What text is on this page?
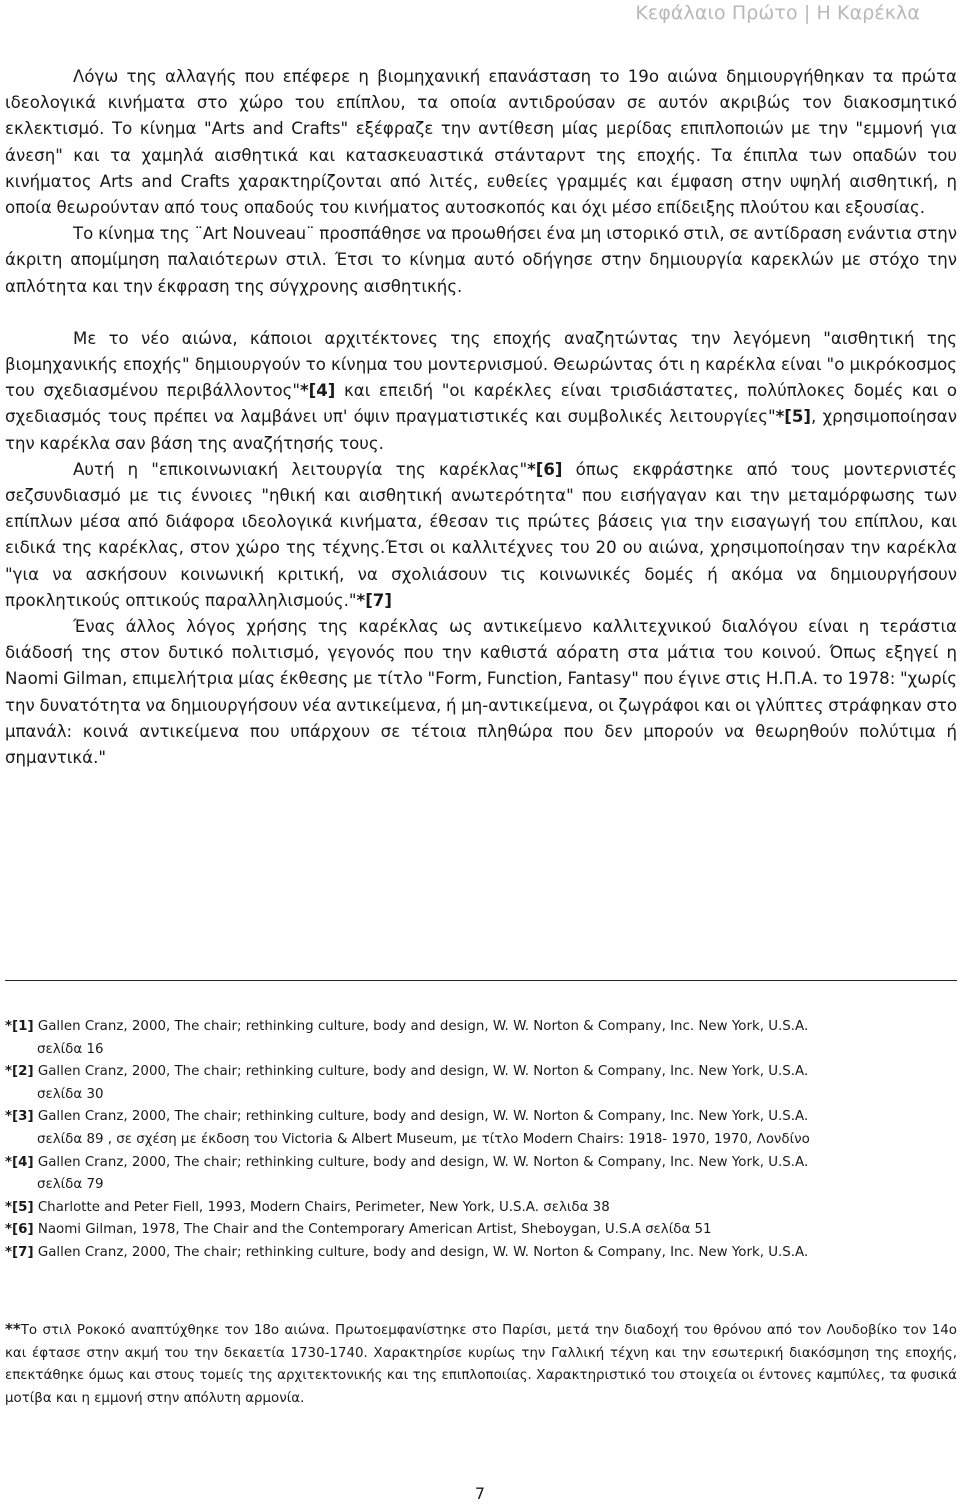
Κεφάλαιο Πρώτο | Η Καρέκλα

Λόγω της αλλαγής που επέφερε η βιομηχανική επανάσταση το 19ο αιώνα δημιουργήθηκαν τα πρώτα ιδεολογικά κινήματα στο χώρο του επίπλου, τα οποία αντιδρούσαν σε αυτόν ακριβώς τον διακοσμητικό εκλεκτισμό. Το κίνημα "Arts and Crafts" εξέφραζε την αντίθεση μίας μερίδας επιπλοποιών με την "εμμονή για άνεση" και τα χαμηλά αισθητικά και κατασκευαστικά στάνταρντ της εποχής. Τα έπιπλα των οπαδών του κινήματος Arts and Crafts χαρακτηρίζονται από λιτές, ευθείες γραμμές και έμφαση στην υψηλή αισθητική, η οποία θεωρούνταν από τους οπαδούς του κινήματος αυτοσκοπός και όχι μέσο επίδειξης πλούτου και εξουσίας.

Το κίνημα της ¨Art Nouveau¨ προσπάθησε να προωθήσει ένα μη ιστορικό στιλ, σε αντίδραση ενάντια στην άκριτη απομίμηση παλαιότερων στιλ. Έτσι το κίνημα αυτό οδήγησε στην δημιουργία καρεκλών με στόχο την απλότητα και την έκφραση της σύγχρονης αισθητικής.

Με το νέο αιώνα, κάποιοι αρχιτέκτονες της εποχής αναζητώντας την λεγόμενη "αισθητική της βιομηχανικής εποχής" δημιουργούν το κίνημα του μοντερνισμού. Θεωρώντας ότι η καρέκλα είναι "ο μικρόκοσμος του σχεδιασμένου περιβάλλοντος"*[4] και επειδή "οι καρέκλες είναι τρισδιάστατες, πολύπλοκες δομές και ο σχεδιασμός τους πρέπει να λαμβάνει υπ' όψιν πραγματιστικές και συμβολικές λειτουργίες"*[5], χρησιμοποίησαν την καρέκλα σαν βάση της αναζήτησής τους.

Αυτή η "επικοινωνιακή λειτουργία της καρέκλας"*[6] όπως εκφράστηκε από τους μοντερνιστές σεζσυνδιασμό με τις έννοιες "ηθική και αισθητική ανωτερότητα" που εισήγαγαν και την μεταμόρφωσης των επίπλων μέσα από διάφορα ιδεολογικά κινήματα, έθεσαν τις πρώτες βάσεις για την εισαγωγή του επίπλου, και ειδικά της καρέκλας, στον χώρο της τέχνης.Έτσι οι καλλιτέχνες του 20 ου αιώνα, χρησιμοποίησαν την καρέκλα "για να ασκήσουν κοινωνική κριτική, να σχολιάσουν τις κοινωνικές δομές ή ακόμα να δημιουργήσουν προκλητικούς οπτικούς παραλληλισμούς."*[7]

Ένας άλλος λόγος χρήσης της καρέκλας ως αντικείμενο καλλιτεχνικού διαλόγου είναι η τεράστια διάδοσή της στον δυτικό πολιτισμό, γεγονός που την καθιστά αόρατη στα μάτια του κοινού. Όπως εξηγεί η Naomi Gilman, επιμελήτρια μίας έκθεσης με τίτλο "Form, Function, Fantasy" που έγινε στις Η.Π.Α. το 1978: "χωρίς την δυνατότητα να δημιουργήσουν νέα αντικείμενα, ή μη-αντικείμενα, οι ζωγράφοι και οι γλύπτες στράφηκαν στο μπανάλ: κοινά αντικείμενα που υπάρχουν σε τέτοια πληθώρα που δεν μπορούν να θεωρηθούν πολύτιμα ή σημαντικά."

*[1] Gallen Cranz, 2000, The chair; rethinking culture, body and design, W. W. Norton & Company, Inc. New York, U.S.A.
σελίδα 16
*[2] Gallen Cranz, 2000, The chair; rethinking culture, body and design, W. W. Norton & Company, Inc. New York, U.S.A.
σελίδα 30
*[3] Gallen Cranz, 2000, The chair; rethinking culture, body and design, W. W. Norton & Company, Inc. New York, U.S.A.
σελίδα 89 , σε σχέση με έκδοση του Victoria & Albert Museum, με τίτλο Modern Chairs: 1918- 1970, 1970, Λονδίνο
*[4] Gallen Cranz, 2000, The chair; rethinking culture, body and design, W. W. Norton & Company, Inc. New York, U.S.A.
σελίδα 79
*[5] Charlotte and Peter Fiell, 1993, Modern Chairs, Perimeter, New York, U.S.A. σελιδα 38
*[6] Naomi Gilman, 1978, The Chair and the Contemporary American Artist, Sheboygan, U.S.A σελίδα 51
*[7] Gallen Cranz, 2000, The chair; rethinking culture, body and design, W. W. Norton & Company, Inc. New York, U.S.A.

**Το στιλ Ροκοκό αναπτύχθηκε τον 18ο αιώνα. Πρωτοεμφανίστηκε στο Παρίσι, μετά την διαδοχή του θρόνου από τον Λουδοβίκο τον 14ο και έφτασε στην ακμή του την δεκαετία 1730-1740. Χαρακτηρίσε κυρίως την Γαλλική τέχνη και την εσωτερική διακόσμηση της εποχής, επεκτάθηκε όμως και στους τομείς της αρχιτεκτονικής και της επιπλοποιίας. Χαρακτηριστικό του στοιχεία οι έντονες καμπύλες, τα φυσικά μοτίβα και η εμμονή στην απόλυτη αρμονία.

7
